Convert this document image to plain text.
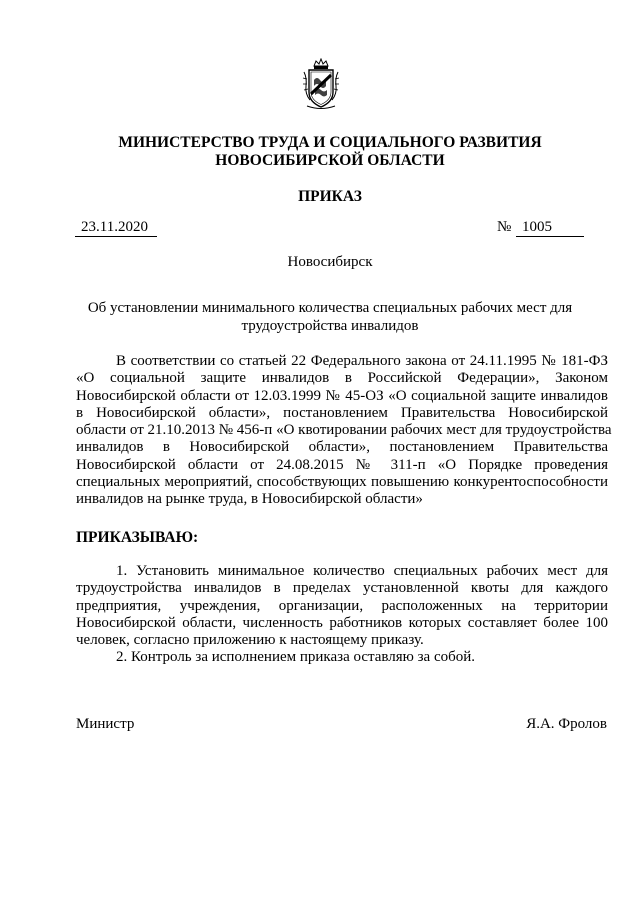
МИНИСТЕРСТВО ТРУДА И СОЦИАЛЬНОГО РАЗВИТИЯ
НОВОСИБИРСКОЙ ОБЛАСТИ
ПРИКАЗ
23.11.2020	№ 1005
Новосибирск
Об установлении минимального количества специальных рабочих мест для
трудоустройства инвалидов
В соответствии со статьей 22 Федерального закона от 24.11.1995 № 181-ФЗ
«О социальной защите инвалидов в Российской Федерации», Законом
Новосибирской области от 12.03.1999 № 45-ОЗ «О социальной защите инвалидов
в Новосибирской области», постановлением Правительства Новосибирской
области от 21.10.2013 № 456-п «О квотировании рабочих мест для трудоустройства
инвалидов в Новосибирской области», постановлением Правительства
Новосибирской области от 24.08.2015 № 311-п «О Порядке проведения
специальных мероприятий, способствующих повышению конкурентоспособности
инвалидов на рынке труда, в Новосибирской области»
ПРИКАЗЫВАЮ:
1. Установить минимальное количество специальных рабочих мест для
трудоустройства инвалидов в пределах установленной квоты для каждого
предприятия, учреждения, организации, расположенных на территории
Новосибирской области, численность работников которых составляет более 100
человек, согласно приложению к настоящему приказу.
2. Контроль за исполнением приказа оставляю за собой.
Министр	Я.А. Фролов
